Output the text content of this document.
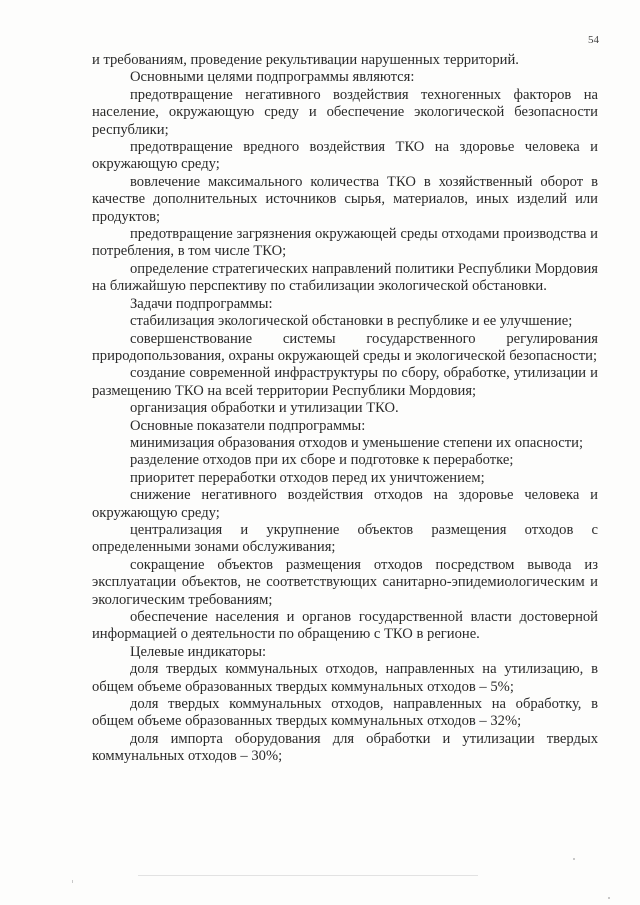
54

и требованиям, проведение рекультивации нарушенных территорий.

Основными целями подпрограммы являются:

предотвращение негативного воздействия техногенных факторов на население, окружающую среду и обеспечение экологической безопасности республики;

предотвращение вредного воздействия ТКО на здоровье человека и окружающую среду;

вовлечение максимального количества ТКО в хозяйственный оборот в качестве дополнительных источников сырья, материалов, иных изделий или продуктов;

предотвращение загрязнения окружающей среды отходами производства и потребления, в том числе ТКО;

определение стратегических направлений политики Республики Мордовия на ближайшую перспективу по стабилизации экологической обстановки.

Задачи подпрограммы:

стабилизация экологической обстановки в республике и ее улучшение;

совершенствование системы государственного регулирования природопользования, охраны окружающей среды и экологической безопасности;

создание современной инфраструктуры по сбору, обработке, утилизации и размещению ТКО на всей территории Республики Мордовия;

организация обработки и утилизации ТКО.

Основные показатели подпрограммы:

минимизация образования отходов и уменьшение степени их опасности;

разделение отходов при их сборе и подготовке к переработке;

приоритет переработки отходов перед их уничтожением;

снижение негативного воздействия отходов на здоровье человека и окружающую среду;

централизация и укрупнение объектов размещения отходов с определенными зонами обслуживания;

сокращение объектов размещения отходов посредством вывода из эксплуатации объектов, не соответствующих санитарно-эпидемиологическим и экологическим требованиям;

обеспечение населения и органов государственной власти достоверной информацией о деятельности по обращению с ТКО в регионе.

Целевые индикаторы:

доля твердых коммунальных отходов, направленных на утилизацию, в общем объеме образованных твердых коммунальных отходов – 5%;

доля твердых коммунальных отходов, направленных на обработку, в общем объеме образованных твердых коммунальных отходов – 32%;

доля импорта оборудования для обработки и утилизации твердых коммунальных отходов – 30%;
